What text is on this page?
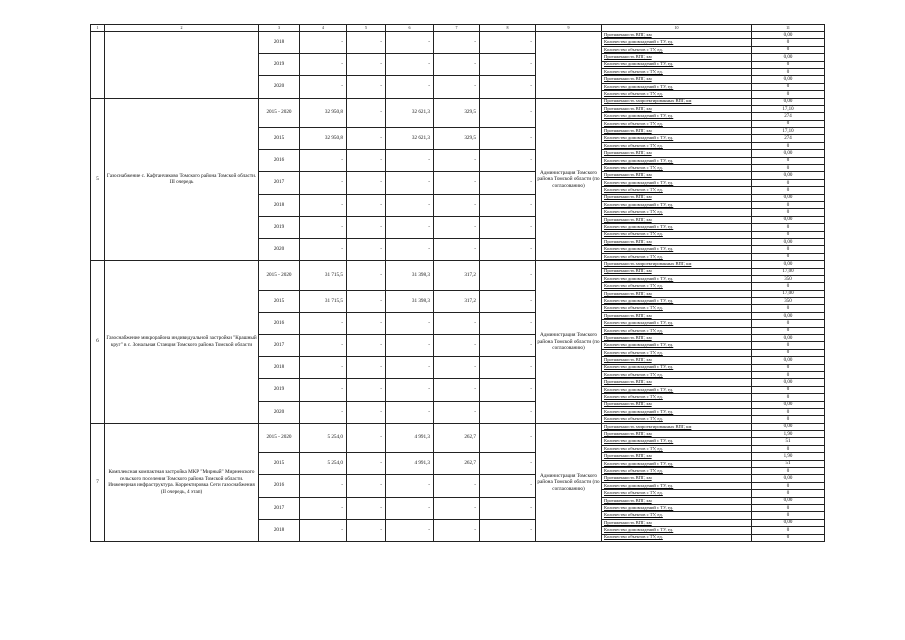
1	2	3	4	5	6	7	8	9	10	11
		2018	-	-	-	-	-		Протяженность ВПГ, км	0,00
									Количество домовладений с ТУ, ед.	0
									Количество объектов с ТУ, ед.	0
		2019	-	-	-	-	-		Протяженность ВПГ, км	0,00
									Количество домовладений с ТУ, ед.	0
									Количество объектов с ТУ, ед.	0
		2020	-	-	-	-	-		Протяженность ВПГ, км	0,00
									Количество домовладений с ТУ, ед.	0
									Количество объектов с ТУ, ед.	0
5	Газоснабжение с. Кафтанчиково Томского района Томской области. III очередь	2015 - 2020	32 950,8	-	32 621,3	329,5	-	Администрация Томского района Томской области (по согласованию)	Протяженность запроектированных ВПГ, км	0,00
									Протяженность ВПГ, км	17,10
									Количество домовладений с ТУ, ед.	274
									Количество объектов с ТУ, ед.	0
		2015	32 950,8	-	32 621,3	329,5	-		Протяженность ВПГ, км	17,10
									Количество домовладений с ТУ, ед.	274
									Количество объектов с ТУ, ед.	0
		2016	-	-	-	-	-		Протяженность ВПГ, км	0,00
									Количество домовладений с ТУ, ед.	0
									Количество объектов с ТУ, ед.	0
		2017	-	-	-	-	-		Протяженность ВПГ, км	0,00
									Количество домовладений с ТУ, ед.	0
									Количество объектов с ТУ, ед.	0
		2018	-	-	-	-	-		Протяженность ВПГ, км	0,00
									Количество домовладений с ТУ, ед.	0
									Количество объектов с ТУ, ед.	0
		2019	-	-	-	-	-		Протяженность ВПГ, км	0,00
									Количество домовладений с ТУ, ед.	0
									Количество объектов с ТУ, ед.	0
		2020	-	-	-	-	-		Протяженность ВПГ, км	0,00
									Количество домовладений с ТУ, ед.	0
									Количество объектов с ТУ, ед.	0
6	Газоснабжение микрорайона индивидуальной застройки "Крашный круг" в с. Зональная Станция Томского района Томской области	2015 - 2020	31 715,5	-	31 398,3	317,2	-	Администрация Томского района Томской области (по согласованию)	Протяженность запроектированных ВПГ, км	0,00
									Протяженность ВПГ, км	17,00
									Количество домовладений с ТУ, ед.	350
									Количество объектов с ТУ, ед.	0
		2015	31 715,5	-	31 398,3	317,2	-		Протяженность ВПГ, км	17,00
									Количество домовладений с ТУ, ед.	350
									Количество объектов с ТУ, ед.	0
		2016	-	-	-	-	-		Протяженность ВПГ, км	0,00
									Количество домовладений с ТУ, ед.	0
									Количество объектов с ТУ, ед.	0
		2017	-	-	-	-	-		Протяженность ВПГ, км	0,00
									Количество домовладений с ТУ, ед.	0
									Количество объектов с ТУ, ед.	0
		2018	-	-	-	-	-		Протяженность ВПГ, км	0,00
									Количество домовладений с ТУ, ед.	0
									Количество объектов с ТУ, ед.	0
		2019	-	-	-	-	-		Протяженность ВПГ, км	0,00
									Количество домовладений с ТУ, ед.	0
									Количество объектов с ТУ, ед.	0
		2020	-	-	-	-	-		Протяженность ВПГ, км	0,00
									Количество домовладений с ТУ, ед.	0
									Количество объектов с ТУ, ед.	0
7	Комплексная компактная застройка МКР "Мирный" Мирненского сельского поселения Томского района Томской области. Инженерная инфраструктура. Корректировка Сети газоснабжения (II очередь, 4 этап)	2015 - 2020	5 254,0	-	4 991,3	262,7	-	Администрация Томского района Томской области (по согласованию)	Протяженность запроектированных ВПГ, км	0,00
									Протяженность ВПГ, км	1,90
									Количество домовладений с ТУ, ед.	51
									Количество объектов с ТУ, ед.	0
		2015	5 254,0	-	4 991,3	262,7	-		Протяженность ВПГ, км	1,90
									Количество домовладений с ТУ, ед.	51
									Количество объектов с ТУ, ед.	0
		2016	-	-	-	-	-		Протяженность ВПГ, км	0,00
									Количество домовладений с ТУ, ед.	0
									Количество объектов с ТУ, ед.	0
		2017	-	-	-	-	-		Протяженность ВПГ, км	0,00
									Количество домовладений с ТУ, ед.	0
									Количество объектов с ТУ, ед.	0
		2018	-	-	-	-	-		Протяженность ВПГ, км	0,00
									Количество домовладений с ТУ, ед.	0
									Количество объектов с ТУ, ед.	0
